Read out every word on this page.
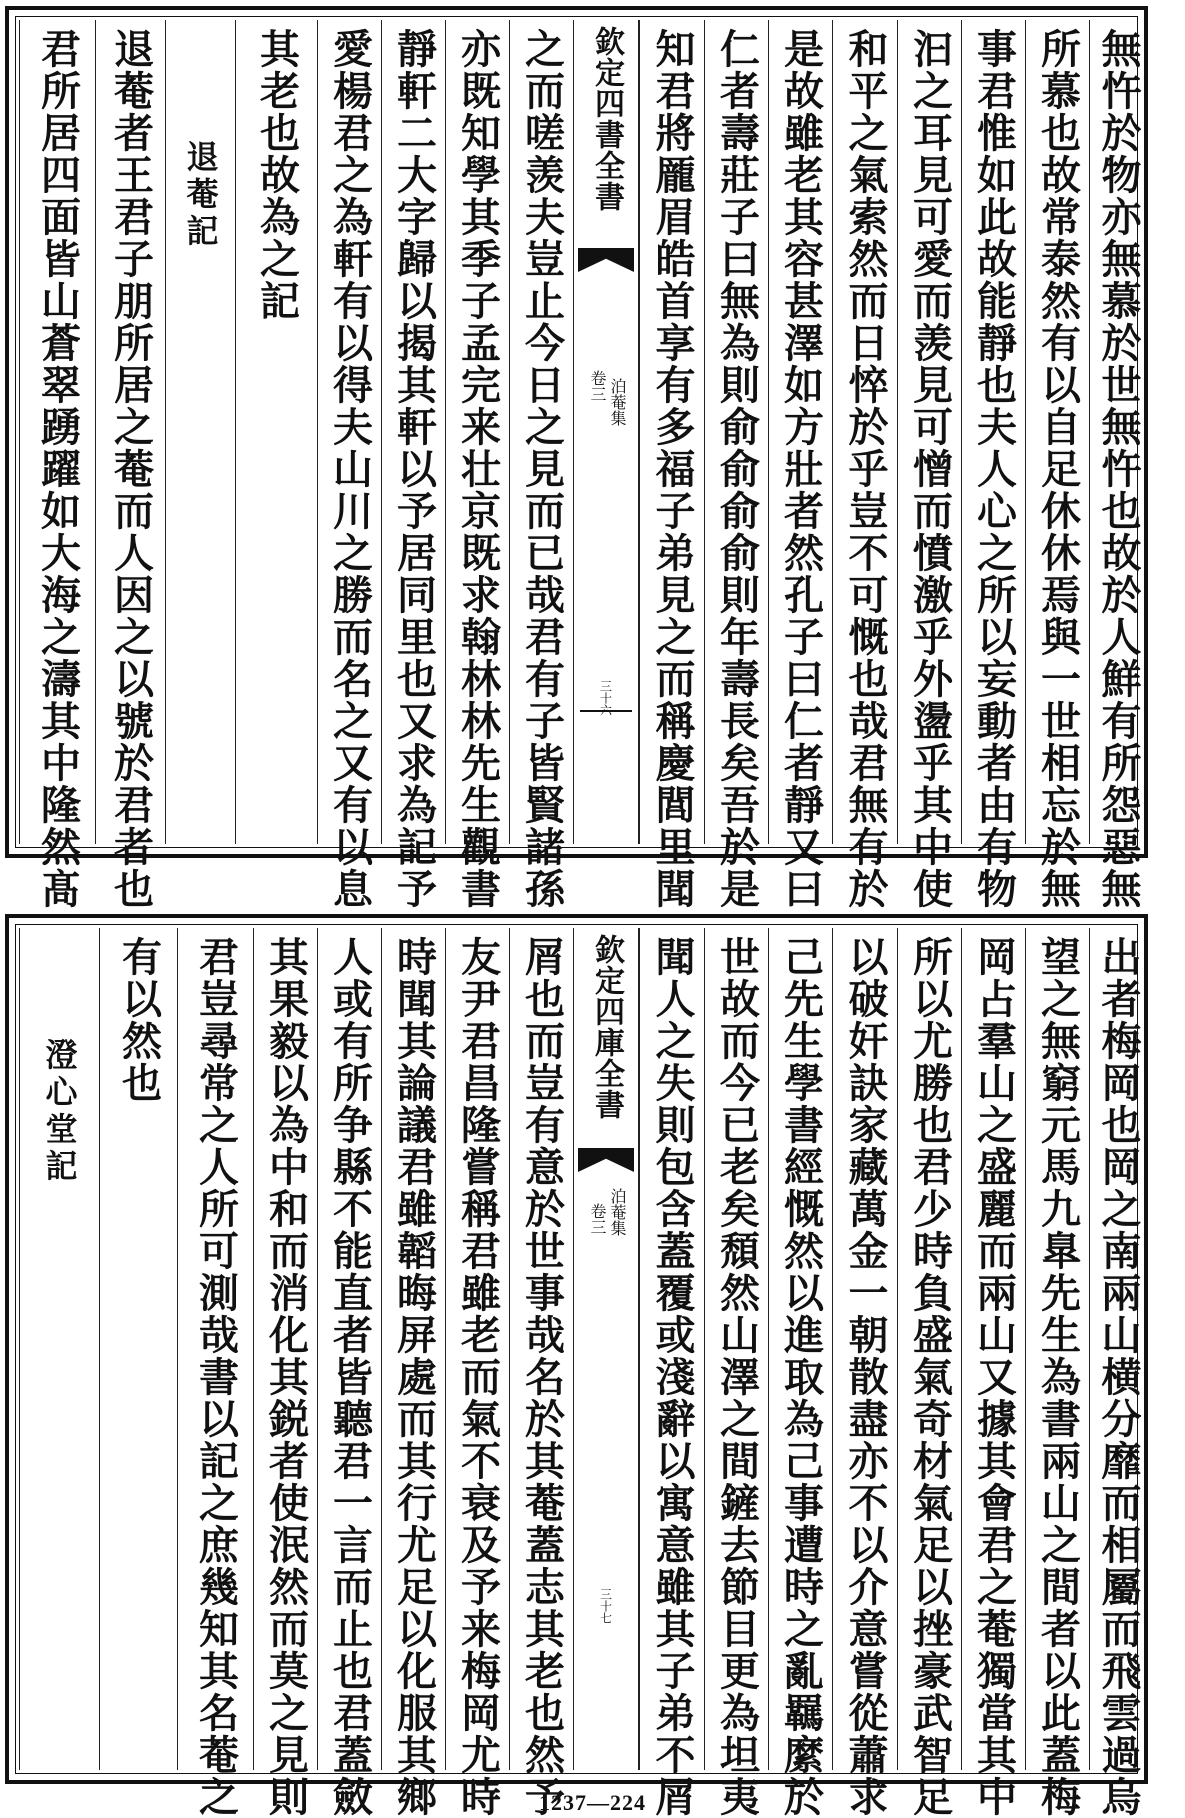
無忤於物亦無慕於世無忤也故於人鮮有所怨惡無
所慕也故常泰然有以自足休休焉與一世相忘於無
事君惟如此故能靜也夫人心之所以妄動者由有物
汩之耳見可愛而羡見可憎而憤激乎外盪乎其中使
和平之氣索然而日悴於乎豈不可慨也哉君無有於
是故雖老其容甚澤如方壯者然孔子曰仁者靜又曰
仁者壽莊子曰無為則俞俞俞俞則年壽長矣吾於是
知君將龎眉皓首享有多福子弟見之而稱慶閭里聞
欽定四書全書
泊菴集
卷三
三十六
之而嗟羡夫豈止今日之見而已哉君有子皆賢諸孫
亦既知學其季子孟完来壮京既求翰林林先生觀書
靜軒二大字歸以揭其軒以予居同里也又求為記予
愛楊君之為軒有以得夫山川之勝而名之又有以息
其老也故為之記
退菴記
退菴者王君子朋所居之菴而人因之以號於君者也
君所居四面皆山蒼翠踴躍如大海之濤其中隆然髙
出者梅岡也岡之南兩山横分靡而相屬而飛雲過烏
望之無窮元馬九臯先生為書兩山之間者以此蓋梅
岡占羣山之盛麗而兩山又據其會君之菴獨當其中
所以尤勝也君少時負盛氣奇材氣足以挫豪武智足
以破奸訣家藏萬金一朝散盡亦不以介意嘗從蕭求
己先生學書經慨然以進取為己事遭時之亂羈縻於
世故而今已老矣頹然山澤之間鏟去節目更為坦夷
聞人之失則包含蓋覆或淺辭以寓意雖其子弟不屑
欽定四庫全書
泊菴集
卷三
三十七
屑也而豈有意於世事哉名於其菴蓋志其老也然予
友尹君昌隆嘗稱君雖老而氣不衰及予来梅岡尤時
時聞其論議君雖韜晦屏處而其行尤足以化服其鄉
人或有所争縣不能直者皆聽君一言而止也君蓋斂
其果毅以為中和而消化其鋭者使泯然而莫之見則
君豈尋常之人所可測哉書以記之庶幾知其名菴之
有以然也
澄心堂記
1237—224
